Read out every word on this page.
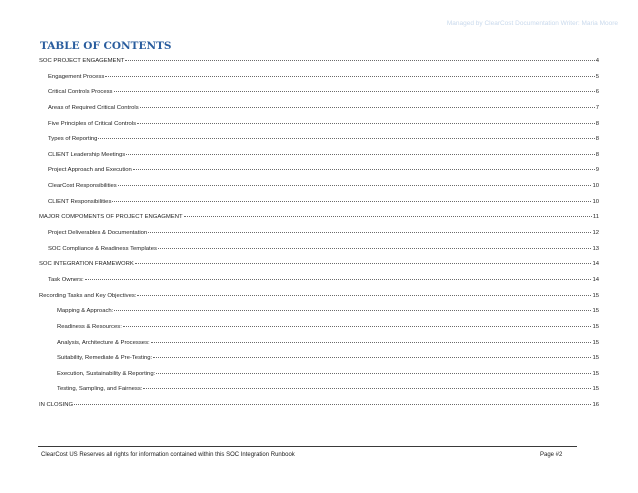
Managed by ClearCost Documentation Writer: Maria Moore
TABLE OF CONTENTS
SOC PROJECT ENGAGEMENT	4
Engagement Process	5
Critical Controls Process	6
Areas of Required Critical Controls	7
Five Principles of Critical Controls	8
Types of Reporting	8
CLIENT Leadership Meetings	8
Project Approach and Execution	9
ClearCost Responsibilities	10
CLIENT Responsibilities	10
MAJOR COMPOMENTS OF PROJECT ENGAGMENT	11
Project Deliverables & Documentation	12
SOC Compliance & Readiness Templates	13
SOC INTEGRATION FRAMEWORK	14
Task Owners:	14
Recording Tasks and Key Objectives:	15
Mapping & Approach:	15
Readiness & Resources:	15
Analysis, Architecture & Processes:	15
Suitability, Remediate & Pre-Testing:	15
Execution, Sustainability & Reporting:	15
Testing, Sampling, and Fairness:	15
IN CLOSING	16
ClearCost US Reserves all rights for information contained within this SOC Integration Runbook	Page #2
